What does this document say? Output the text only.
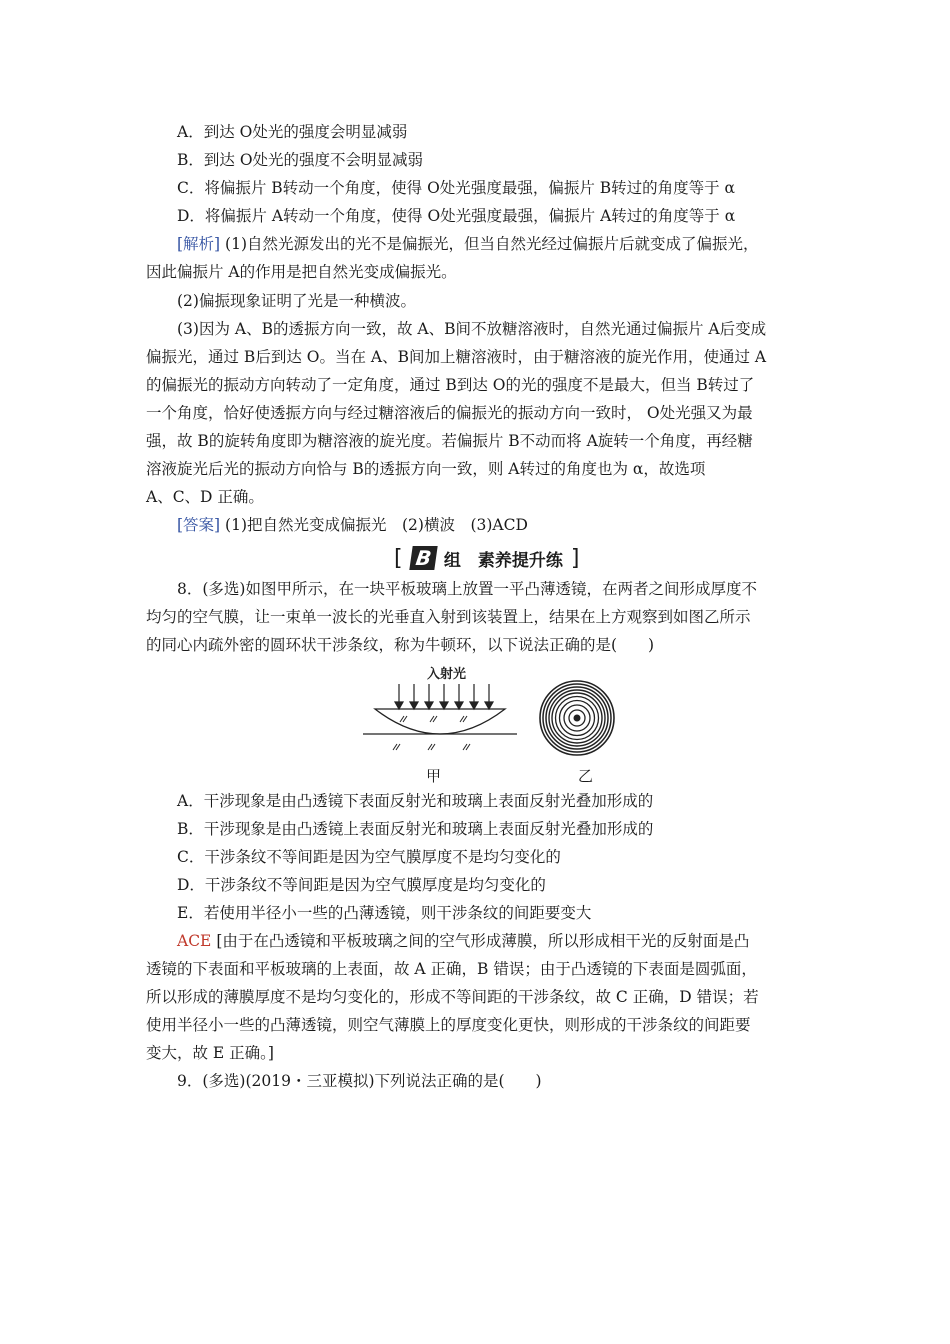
A．到达 O处光的强度会明显减弱
B．到达 O处光的强度不会明显减弱
C．将偏振片 B转动一个角度，使得 O处光强度最强，偏振片 B转过的角度等于 α
D．将偏振片 A转动一个角度，使得 O处光强度最强，偏振片 A转过的角度等于 α
[解析] (1)自然光源发出的光不是偏振光，但当自然光经过偏振片后就变成了偏振光，
因此偏振片 A的作用是把自然光变成偏振光。
(2)偏振现象证明了光是一种横波。
(3)因为 A、B的透振方向一致，故 A、B间不放糖溶液时，自然光通过偏振片 A后变成
偏振光，通过 B后到达 O。当在 A、B间加上糖溶液时，由于糖溶液的旋光作用，使通过 A
的偏振光的振动方向转动了一定角度，通过 B到达 O的光的强度不是最大，但当 B转过了
一个角度，恰好使透振方向与经过糖溶液后的偏振光的振动方向一致时， O处光强又为最
强，故 B的旋转角度即为糖溶液的旋光度。若偏振片 B不动而将 A旋转一个角度，再经糖
溶液旋光后光的振动方向恰与 B的透振方向一致，则 A转过的角度也为 α，故选项
A、C、D 正确。
[答案] (1)把自然光变成偏振光　(2)横波　(3)ACD
[ B 组　素养提升练 ]
8．(多选)如图甲所示，在一块平板玻璃上放置一平凸薄透镜，在两者之间形成厚度不
均匀的空气膜，让一束单一波长的光垂直入射到该装置上，结果在上方观察到如图乙所示
的同心内疏外密的圆环状干涉条纹，称为牛顿环，以下说法正确的是(　　)
入射光
甲	乙
A．干涉现象是由凸透镜下表面反射光和玻璃上表面反射光叠加形成的
B．干涉现象是由凸透镜上表面反射光和玻璃上表面反射光叠加形成的
C．干涉条纹不等间距是因为空气膜厚度不是均匀变化的
D．干涉条纹不等间距是因为空气膜厚度是均匀变化的
E．若使用半径小一些的凸薄透镜，则干涉条纹的间距要变大
ACE [由于在凸透镜和平板玻璃之间的空气形成薄膜，所以形成相干光的反射面是凸
透镜的下表面和平板玻璃的上表面，故 A 正确，B 错误；由于凸透镜的下表面是圆弧面，
所以形成的薄膜厚度不是均匀变化的，形成不等间距的干涉条纹，故 C 正确，D 错误；若
使用半径小一些的凸薄透镜，则空气薄膜上的厚度变化更快，则形成的干涉条纹的间距要
变大，故 E 正确。]
9．(多选)(2019・三亚模拟)下列说法正确的是(　　)
